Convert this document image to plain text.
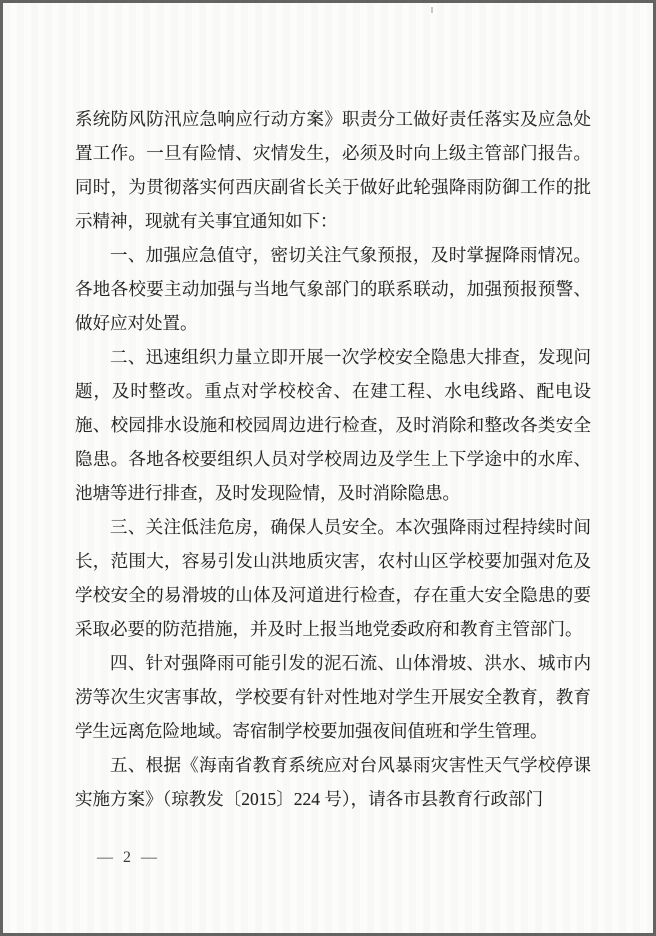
系统防风防汛应急响应行动方案》职责分工做好责任落实及应急处置工作。一旦有险情、灾情发生，必须及时向上级主管部门报告。同时，为贯彻落实何西庆副省长关于做好此轮强降雨防御工作的批示精神，现就有关事宜通知如下：

一、加强应急值守，密切关注气象预报，及时掌握降雨情况。各地各校要主动加强与当地气象部门的联系联动，加强预报预警、做好应对处置。

二、迅速组织力量立即开展一次学校安全隐患大排查，发现问题，及时整改。重点对学校校舍、在建工程、水电线路、配电设施、校园排水设施和校园周边进行检查，及时消除和整改各类安全隐患。各地各校要组织人员对学校周边及学生上下学途中的水库、池塘等进行排查，及时发现险情，及时消除隐患。

三、关注低洼危房，确保人员安全。本次强降雨过程持续时间长，范围大，容易引发山洪地质灾害，农村山区学校要加强对危及学校安全的易滑坡的山体及河道进行检查，存在重大安全隐患的要采取必要的防范措施，并及时上报当地党委政府和教育主管部门。

四、针对强降雨可能引发的泥石流、山体滑坡、洪水、城市内涝等次生灾害事故，学校要有针对性地对学生开展安全教育，教育学生远离危险地域。寄宿制学校要加强夜间值班和学生管理。

五、根据《海南省教育系统应对台风暴雨灾害性天气学校停课实施方案》（琼教发〔2015〕224 号），请各市县教育行政部门

— 2 —
